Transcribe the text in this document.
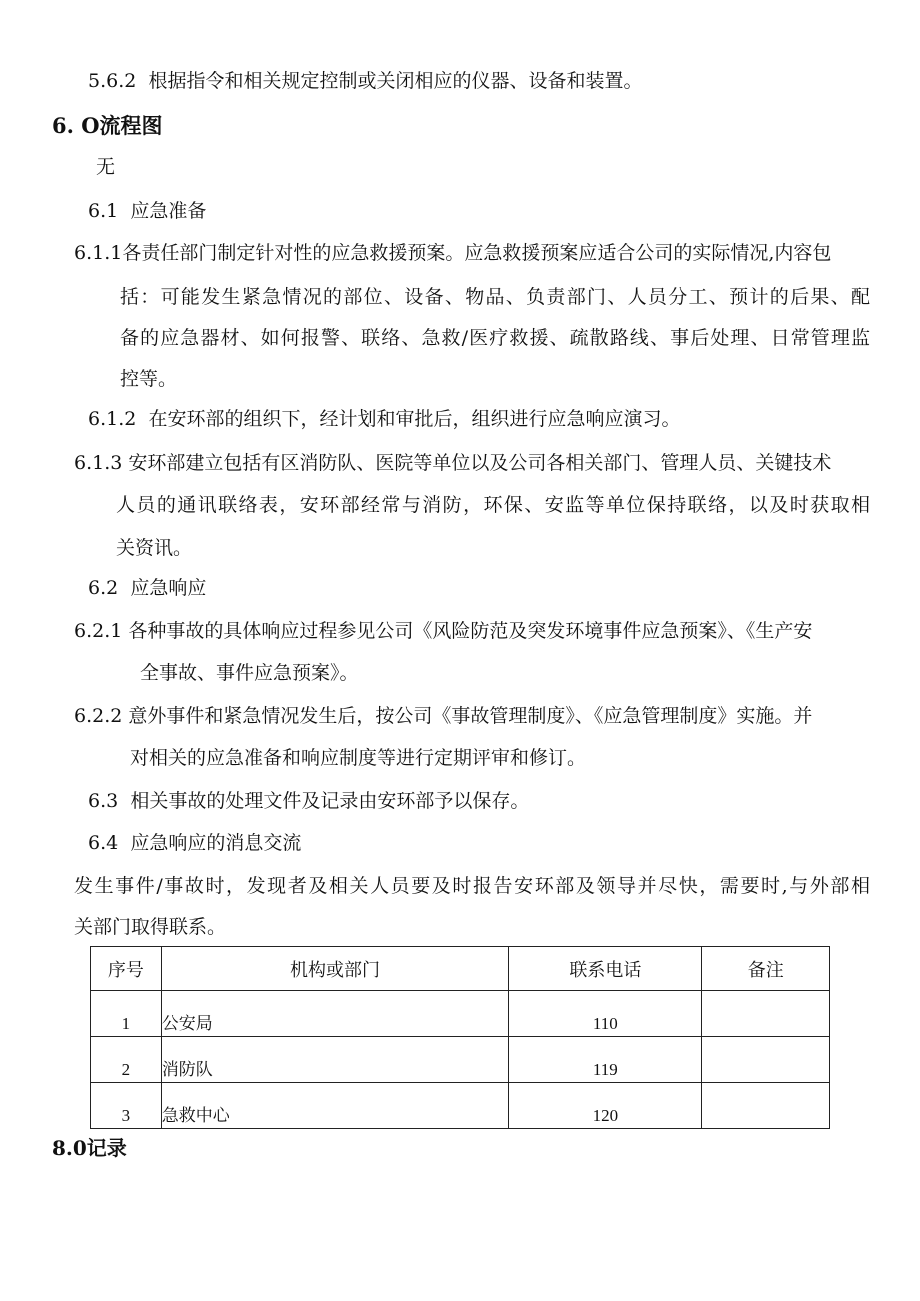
5.6.2 根据指令和相关规定控制或关闭相应的仪器、设备和装置。
6. O流程图
无
6.1 应急准备
6.1.1各责任部门制定针对性的应急救援预案。应急救援预案应适合公司的实际情况,内容包
括：可能发生紧急情况的部位、设备、物品、负责部门、人员分工、预计的后果、配
备的应急器材、如何报警、联络、急救/医疗救援、疏散路线、事后处理、日常管理监
控等。
6.1.2 在安环部的组织下，经计划和审批后，组织进行应急响应演习。
6.1.3 安环部建立包括有区消防队、医院等单位以及公司各相关部门、管理人员、关键技术
人员的通讯联络表，安环部经常与消防，环保、安监等单位保持联络，以及时获取相
关资讯。
6.2 应急响应
6.2.1 各种事故的具体响应过程参见公司《风险防范及突发环境事件应急预案》、《生产安
全事故、事件应急预案》。
6.2.2 意外事件和紧急情况发生后，按公司《事故管理制度》、《应急管理制度》实施。并
对相关的应急准备和响应制度等进行定期评审和修订。
6.3 相关事故的处理文件及记录由安环部予以保存。
6.4 应急响应的消息交流
发生事件/事故时，发现者及相关人员要及时报告安环部及领导并尽快，需要时,与外部相
关部门取得联系。
序号	机构或部门	联系电话	备注
1	公安局	110	
2	消防队	119	
3	急救中心	120	
8.0记录
